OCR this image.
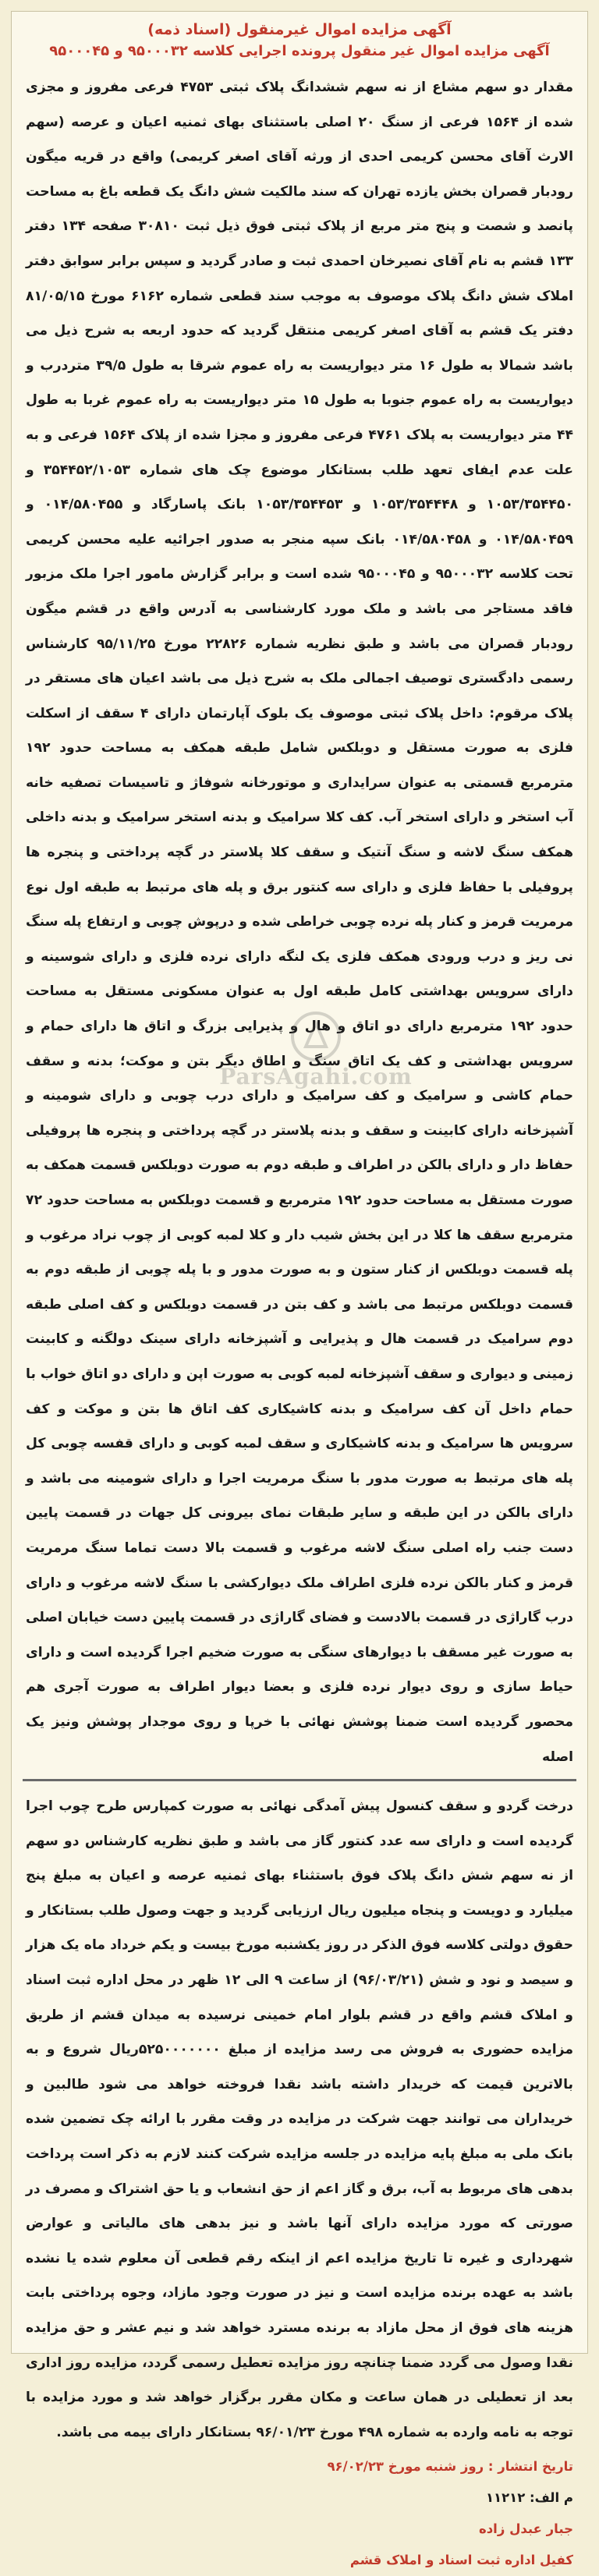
آگهی مزایده اموال غیرمنقول (اسناد ذمه)

آگهی مزایده اموال غیر منقول پرونده اجرایی کلاسه ۹۵۰۰۰۳۲ و ۹۵۰۰۰۴۵

مقدار دو سهم مشاع از نه سهم ششدانگ پلاک ثبتی ۴۷۵۳ فرعی مفروز و مجزی شده از ۱۵۶۴ فرعی از سنگ ۲۰ اصلی باستثنای بهای ثمنیه اعیان و عرصه (سهم الارث آقای محسن کریمی احدی از ورثه آقای اصغر کریمی) واقع در قریه میگون رودبار قصران بخش یازده تهران که سند مالکیت شش دانگ یک قطعه باغ به مساحت پانصد و شصت و پنج متر مربع از پلاک ثبتی فوق ذیل ثبت ۳۰۸۱۰ صفحه ۱۳۴ دفتر ۱۳۳ قشم به نام آقای نصیرخان احمدی ثبت و صادر گردید و سپس برابر سوابق دفتر املاک شش دانگ پلاک موصوف به موجب سند قطعی شماره ۶۱۶۲ مورخ ۸۱/۰۵/۱۵ دفتر یک قشم به آقای اصغر کریمی منتقل گردید که حدود اربعه به شرح ذیل می باشد شمالا به طول ۱۶ متر دیواریست به راه عموم شرقا به طول ۳۹/۵ متردرب و دیواریست به راه عموم جنوبا به طول ۱۵ متر دیواریست به راه عموم غربا به طول ۴۴ متر دیواریست به پلاک ۴۷۶۱ فرعی مفروز و مجزا شده از پلاک ۱۵۶۴ فرعی و به علت عدم ایفای تعهد طلب بستانکار موضوع چک های شماره ۳۵۴۴۵۲/۱۰۵۳ و ۱۰۵۳/۳۵۴۴۵۰ و ۱۰۵۳/۳۵۴۴۴۸ و ۱۰۵۳/۳۵۴۴۵۳ بانک پاسارگاد و ۰۱۴/۵۸۰۴۵۵ و ۰۱۴/۵۸۰۴۵۹ و ۰۱۴/۵۸۰۴۵۸ بانک سپه منجر به صدور اجرائیه علیه محسن کریمی تحت کلاسه ۹۵۰۰۰۳۲ و ۹۵۰۰۰۴۵ شده است و برابر گزارش مامور اجرا ملک مزبور فاقد مستاجر می باشد و ملک مورد کارشناسی به آدرس واقع در قشم میگون رودبار قصران می باشد و طبق نظریه شماره ۲۲۸۲۶ مورخ ۹۵/۱۱/۲۵ کارشناس رسمی دادگستری توصیف اجمالی ملک به شرح ذیل می باشد اعیان های مستقر در پلاک مرقوم: داخل پلاک ثبتی موصوف یک بلوک آپارتمان دارای ۴ سقف از اسکلت فلزی به صورت مستقل و دوبلکس شامل طبقه همکف به مساحت حدود ۱۹۲ مترمربع قسمتی به عنوان سرایداری و موتورخانه شوفاژ و تاسیسات تصفیه خانه آب استخر و دارای استخر آب. کف کلا سرامیک و بدنه استخر سرامیک و بدنه داخلی همکف سنگ لاشه و سنگ آنتیک و سقف کلا پلاستر در گچه پرداختی و پنجره ها پروفیلی با حفاظ فلزی و دارای سه کنتور برق و پله های مرتبط به طبقه اول نوع مرمریت قرمز و کنار پله نرده چوبی خراطی شده و درپوش چوبی و ارتفاع پله سنگ نی ریز و درب ورودی همکف فلزی یک لنگه دارای نرده فلزی و دارای شوسینه و دارای سرویس بهداشتی کامل طبقه اول به عنوان مسکونی مستقل به مساحت حدود ۱۹۲ مترمربع دارای دو اتاق و هال و پذیرایی بزرگ و اتاق ها دارای حمام و سرویس بهداشتی و کف یک اتاق سنگ و اطاق دیگر بتن و موکت؛ بدنه و سقف حمام کاشی و سرامیک و کف سرامیک و دارای درب چوبی و دارای شومینه و آشپزخانه دارای کابینت و سقف و بدنه پلاستر در گچه پرداختی و پنجره ها پروفیلی حفاظ دار و دارای بالکن در اطراف و طبقه دوم به صورت دوبلکس قسمت همکف به صورت مستقل به مساحت حدود ۱۹۲ مترمربع و قسمت دوبلکس به مساحت حدود ۷۲ مترمربع سقف ها کلا در این بخش شیب دار و کلا لمبه کوبی از چوب نراد مرغوب و پله قسمت دوبلکس از کنار ستون و به صورت مدور و با پله چوبی از طبقه دوم به قسمت دوبلکس مرتبط می باشد و کف بتن در قسمت دوبلکس و کف اصلی طبقه دوم سرامیک در قسمت هال و پذیرایی و آشپزخانه دارای سینک دولگنه و کابینت زمینی و دیواری و سقف آشپزخانه لمبه کوبی به صورت اپن و دارای دو اتاق خواب با حمام داخل آن کف سرامیک و بدنه کاشیکاری کف اتاق ها بتن و موکت و کف سرویس ها سرامیک و بدنه کاشیکاری و سقف لمبه کوبی و دارای قفسه چوبی کل پله های مرتبط به صورت مدور با سنگ مرمریت اجرا و دارای شومینه می باشد و دارای بالکن در این طبقه و سایر طبقات نمای بیرونی کل جهات در قسمت پایین دست جنب راه اصلی سنگ لاشه مرغوب و قسمت بالا دست تماما سنگ مرمریت قرمز و کنار بالکن نرده فلزی اطراف ملک دیوارکشی با سنگ لاشه مرغوب و دارای درب گاراژی در قسمت بالادست و فضای گاراژی در قسمت پایین دست خیابان اصلی به صورت غیر مسقف با دیوارهای سنگی به صورت ضخیم اجرا گردیده است و دارای حیاط سازی و روی دیوار نرده فلزی و بعضا دیوار اطراف به صورت آجری هم محصور گردیده است ضمنا پوشش نهائی با خرپا و روی موجدار پوشش ونیز یک اصله

درخت گردو و سقف کنسول پیش آمدگی نهائی به صورت کمپارس طرح چوب اجرا گردیده است و دارای سه عدد کنتور گاز می باشد و طبق نظریه کارشناس دو سهم از نه سهم شش دانگ پلاک فوق باستثناء بهای ثمنیه عرصه و اعیان به مبلغ پنج میلیارد و دویست و پنجاه میلیون ریال ارزیابی گردید و جهت وصول طلب بستانکار و حقوق دولتی کلاسه فوق الذکر در روز یکشنبه مورخ بیست و یکم خرداد ماه یک هزار و سیصد و نود و شش (۹۶/۰۳/۲۱) از ساعت ۹ الی ۱۲ ظهر در محل اداره ثبت اسناد و املاک قشم واقع در قشم بلوار امام خمینی نرسیده به میدان قشم از طریق مزایده حضوری به فروش می رسد مزایده از مبلغ ۵۲۵۰۰۰۰۰۰۰ریال شروع و به بالاترین قیمت که خریدار داشته باشد نقدا فروخته خواهد می شود طالبین و خریداران می توانند جهت شرکت در مزایده در وقت مقرر با ارائه چک تضمین شده بانک ملی به مبلغ پایه مزایده در جلسه مزایده شرکت کنند لازم به ذکر است پرداخت بدهی های مربوط به آب، برق و گاز اعم از حق انشعاب و یا حق اشتراک و مصرف در صورتی که مورد مزایده دارای آنها باشد و نیز بدهی های مالیاتی و عوارض شهرداری و غیره تا تاریخ مزایده اعم از اینکه رقم قطعی آن معلوم شده یا نشده باشد به عهده برنده مزایده است و نیز در صورت وجود مازاد، وجوه پرداختی بابت هزینه های فوق از محل مازاد به برنده مسترد خواهد شد و نیم عشر و حق مزایده نقدا وصول می گردد ضمنا چنانچه روز مزایده تعطیل رسمی گردد، مزایده روز اداری بعد از تعطیلی در همان ساعت و مکان مقرر برگزار خواهد شد و مورد مزایده با توجه به نامه وارده به شماره ۴۹۸ مورخ ۹۶/۰۱/۲۳ بستانکار دارای بیمه می باشد.

تاریخ انتشار : روز شنبه مورخ ۹۶/۰۲/۲۳

م الف: ۱۱۲۱۲

جبار عبدل زاده

کفیل اداره ثبت اسناد و املاک قشم

ParsAgahi.com
